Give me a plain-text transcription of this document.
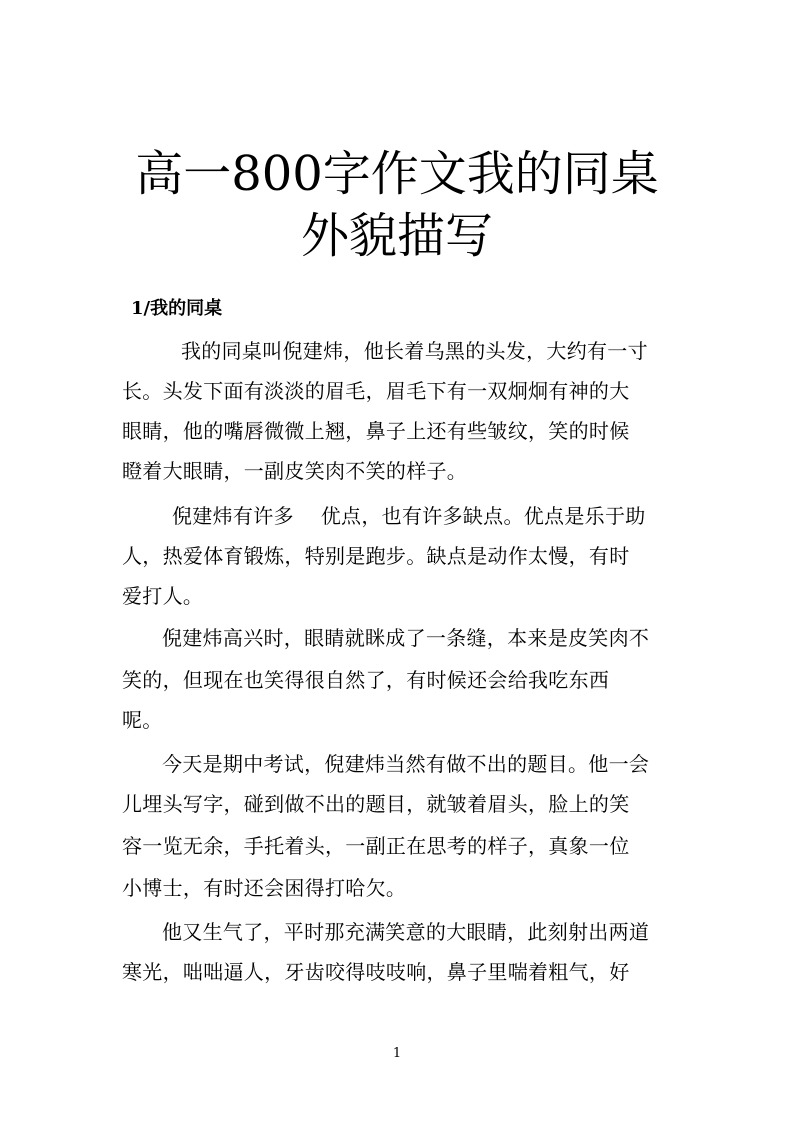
高一800字作文我的同桌
外貌描写
1/我的同桌
我的同桌叫倪建炜，他长着乌黑的头发，大约有一寸
长。头发下面有淡淡的眉毛，眉毛下有一双炯炯有神的大
眼睛，他的嘴唇微微上翘，鼻子上还有些皱纹，笑的时候
瞪着大眼睛，一副皮笑肉不笑的样子。
倪建炜有许多　 优点，也有许多缺点。优点是乐于助
人，热爱体育锻炼，特别是跑步。缺点是动作太慢，有时
爱打人。
倪建炜高兴时，眼睛就眯成了一条缝，本来是皮笑肉不
笑的，但现在也笑得很自然了，有时候还会给我吃东西
呢。
今天是期中考试，倪建炜当然有做不出的题目。他一会
儿埋头写字，碰到做不出的题目，就皱着眉头，脸上的笑
容一览无余，手托着头，一副正在思考的样子，真象一位
小博士，有时还会困得打哈欠。
他又生气了，平时那充满笑意的大眼睛，此刻射出两道
寒光，咄咄逼人，牙齿咬得吱吱响，鼻子里喘着粗气，好
1
